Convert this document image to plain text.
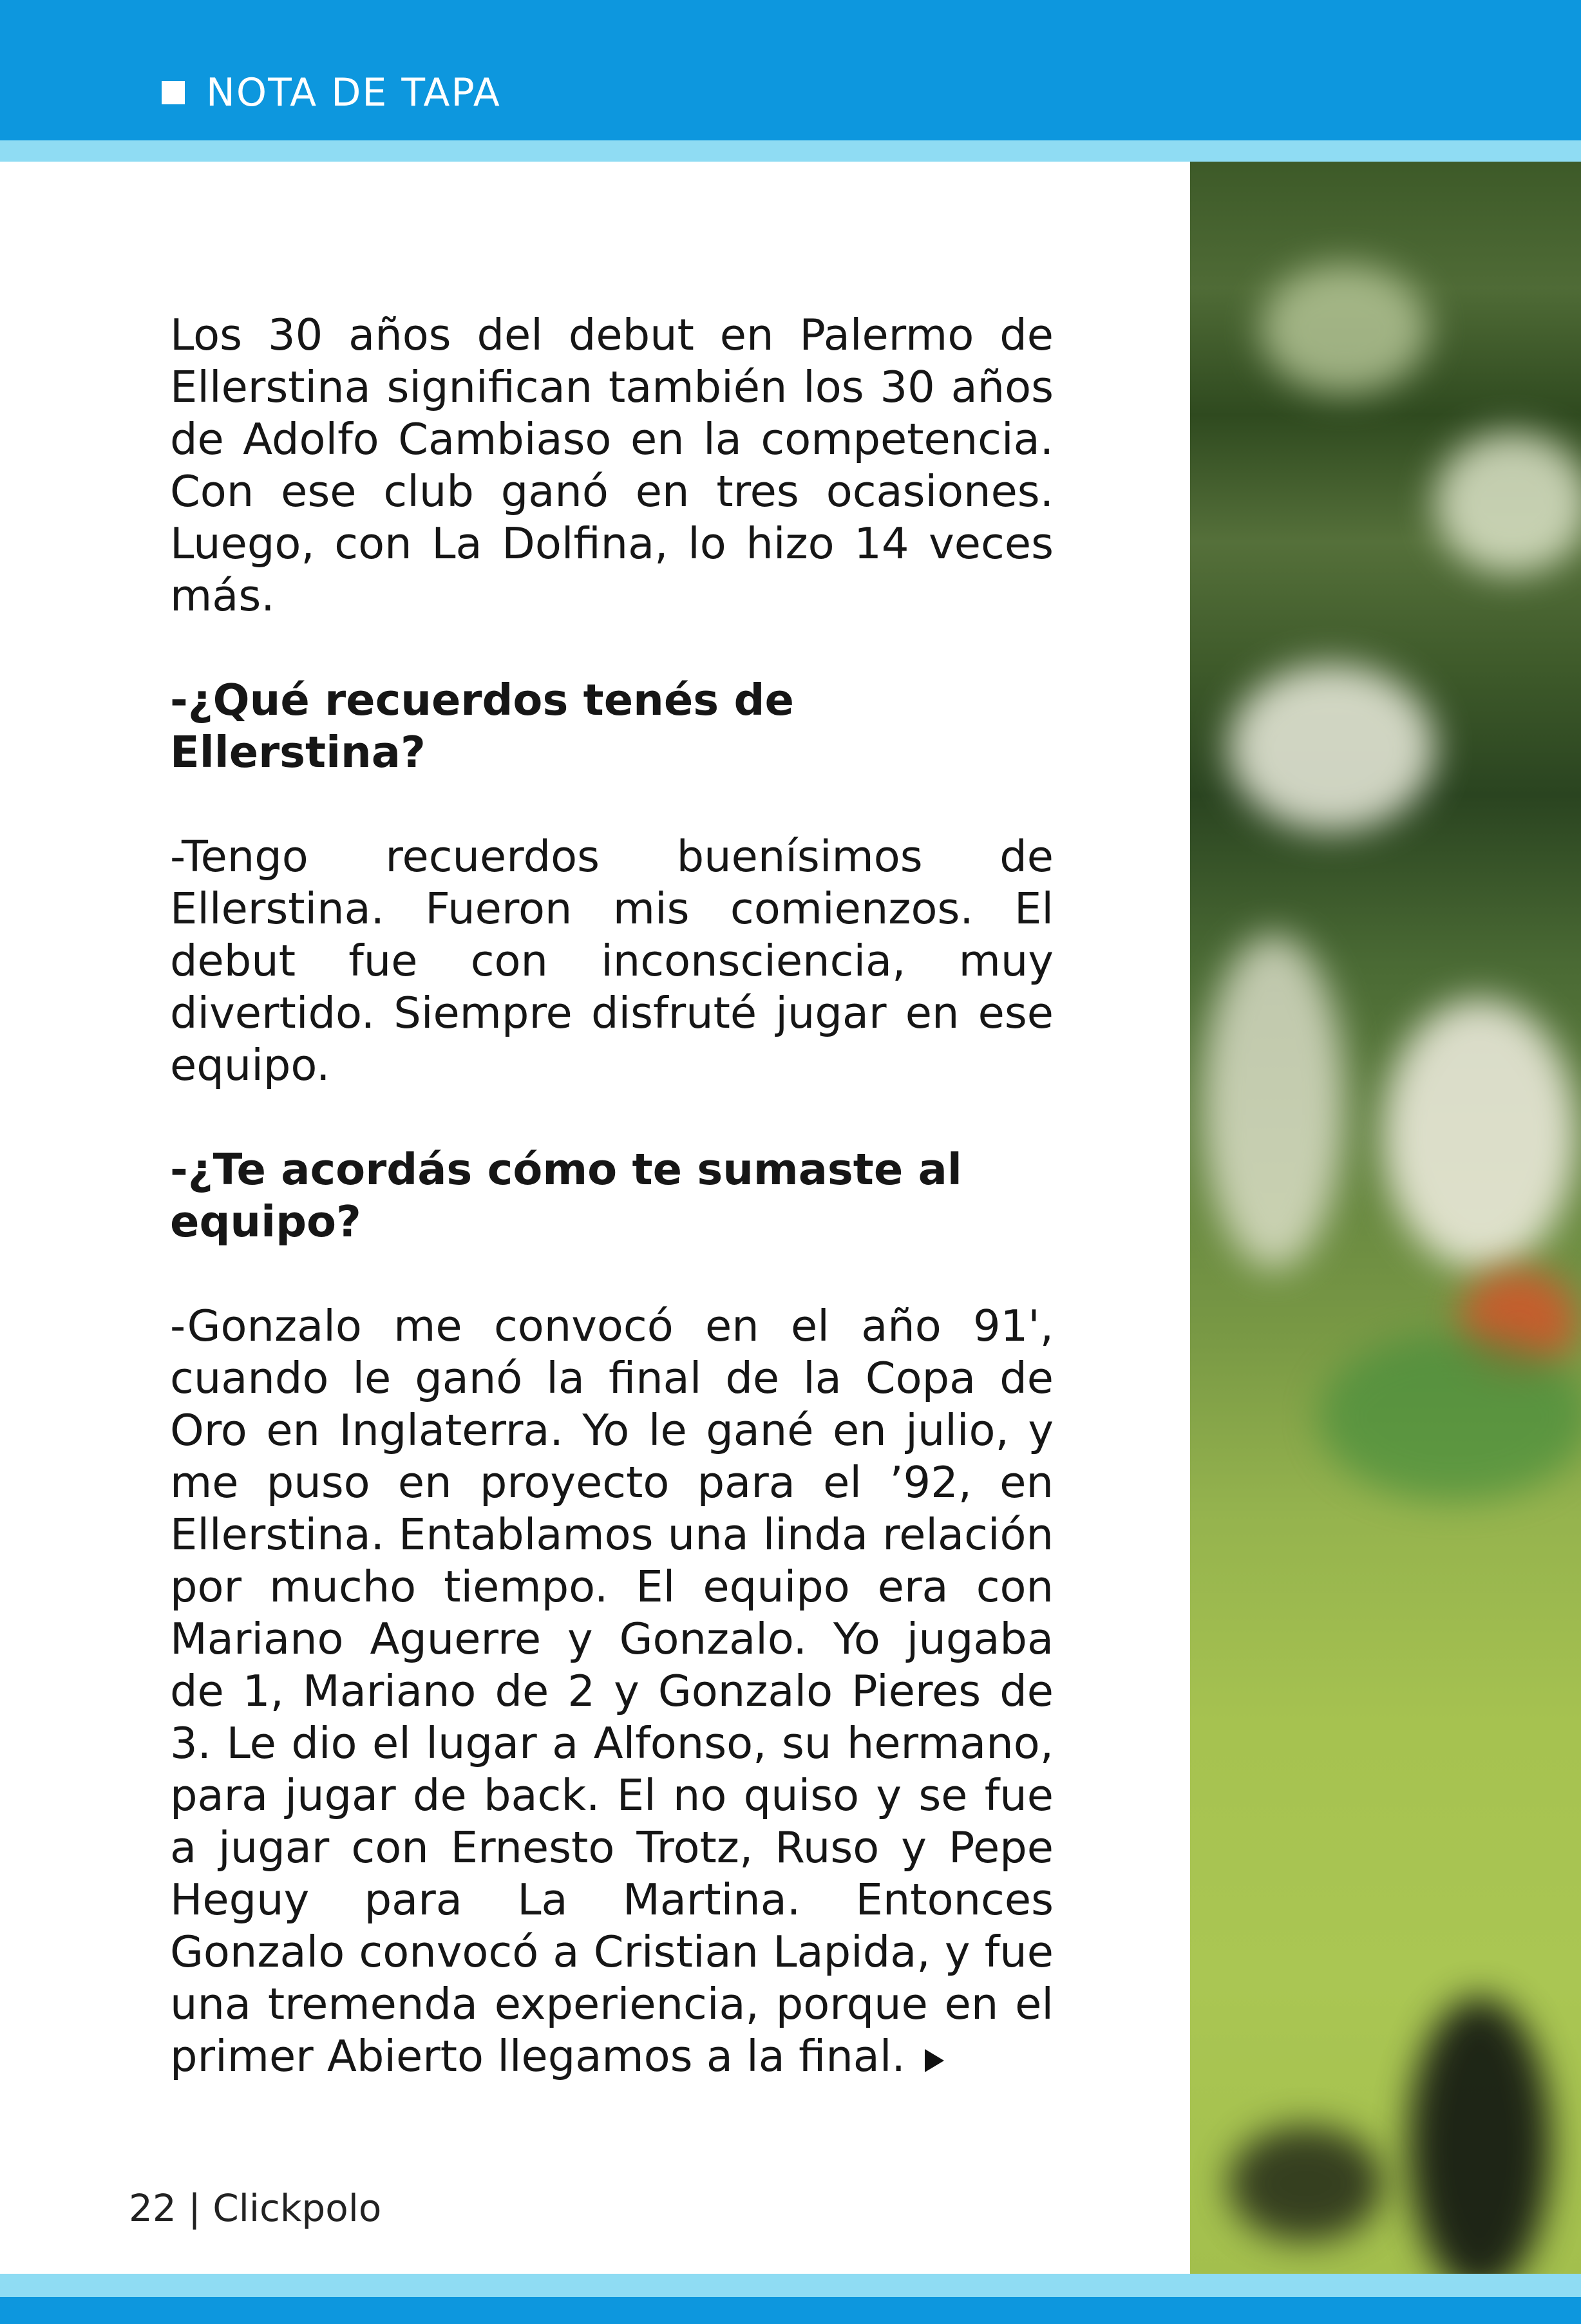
NOTA DE TAPA

Los 30 años del debut en Palermo de Ellerstina significan también los 30 años de Adolfo Cambiaso en la competencia. Con ese club ganó en tres ocasiones. Luego, con La Dolfina, lo hizo 14 veces más.

-¿Qué recuerdos tenés de Ellerstina?

-Tengo recuerdos buenísimos de Ellerstina. Fueron mis comienzos. El debut fue con inconsciencia, muy divertido. Siempre disfruté jugar en ese equipo.

-¿Te acordás cómo te sumaste al equipo?

-Gonzalo me convocó en el año 91', cuando le ganó la final de la Copa de Oro en Inglaterra. Yo le gané en julio, y me puso en proyecto para el ’92, en Ellerstina. Entablamos una linda relación por mucho tiempo. El equipo era con Mariano Aguerre y Gonzalo. Yo jugaba de 1, Mariano de 2 y Gonzalo Pieres de 3. Le dio el lugar a Alfonso, su hermano, para jugar de back. El no quiso y se fue a jugar con Ernesto Trotz, Ruso y Pepe Heguy para La Martina. Entonces Gonzalo convocó a Cristian Lapida, y fue una tremenda experiencia, porque en el primer Abierto llegamos a la final.

22 | Clickpolo
